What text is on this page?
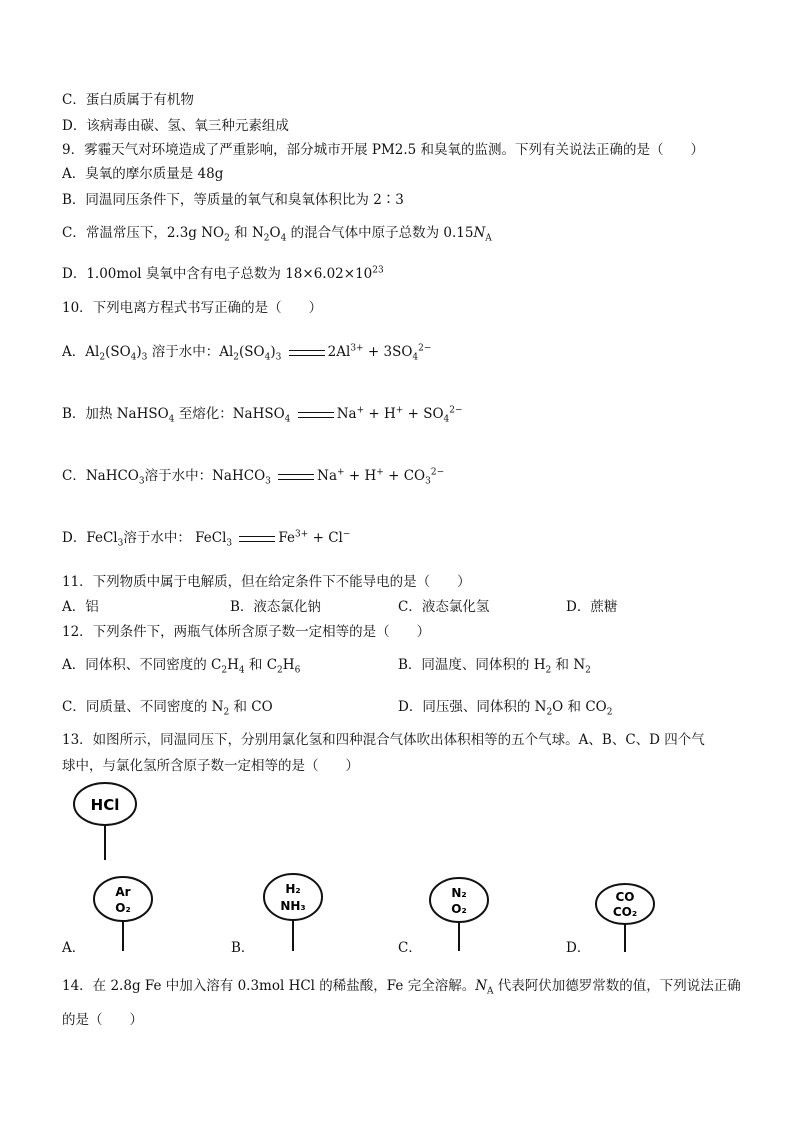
C．蛋白质属于有机物
D．该病毒由碳、氢、氧三种元素组成
9．雾霾天气对环境造成了严重影响，部分城市开展 PM2.5 和臭氧的监测。下列有关说法正确的是（　　）
A．臭氧的摩尔质量是 48g
B．同温同压条件下，等质量的氧气和臭氧体积比为 2∶3
C．常温常压下，2.3g $NO_2$ 和 $N_2O_4$ 的混合气体中原子总数为 $0.15N_A$
D．1.00mol 臭氧中含有电子总数为 $18\times 6.02\times 10^{23}$
10．下列电离方程式书写正确的是（　　）
A．$Al_2(SO_4)_3$ 溶于水中：$Al_2(SO_4)_3$	$2Al^{3+} + 3SO_4^{2-}$
B．加热 NaHSO$_4$ 至熔化：NaHSO$_4$	$Na^+ + H^+ + SO_4^{2-}$
C．NaHCO$_3$溶于水中：NaHCO$_3$	$Na^+ + H^+ + CO_3^{2-}$
D．FeCl$_3$溶于水中： FeCl$_3$	$Fe^{3+} + Cl^-$
11．下列物质中属于电解质，但在给定条件下不能导电的是（　　）
A．铝	B．液态氯化钠	C．液态氯化氢	D．蔗糖
12．下列条件下，两瓶气体所含原子数一定相等的是（　　）
A．同体积、不同密度的 $C_2H_4$ 和 $C_2H_6$	B．同温度、同体积的 $H_2$ 和 $N_2$
C．同质量、不同密度的 $N_2$ 和 CO	D．同压强、同体积的 $N_2O$ 和 $CO_2$
13．如图所示，同温同压下，分别用氯化氢和四种混合气体吹出体积相等的五个气球。A、B、C、D 四个气
球中，与氯化氢所含原子数一定相等的是（　　）
HCl
Ar
O₂
A．
H₂
NH₃
B．
N₂
O₂
C．
CO
CO₂
D．
14．在 2.8g Fe 中加入溶有 0.3mol HCl 的稀盐酸，Fe 完全溶解。$N_A$ 代表阿伏加德罗常数的值，下列说法正确
的是（　　）
